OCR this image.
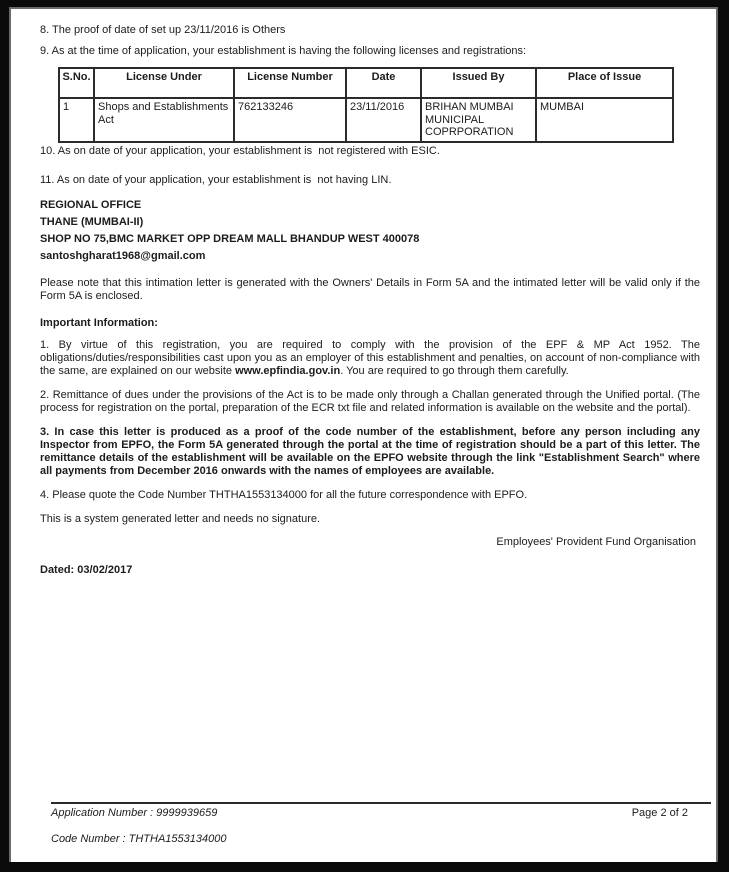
8. The proof of date of set up 23/11/2016 is Others

9. As at the time of application, your establishment is having the following licenses and registrations:

S.No.	License Under	License Number	Date	Issued By	Place of Issue
1	Shops and Establishments Act	762133246	23/11/2016	BRIHAN MUMBAI MUNICIPAL COPRPORATION	MUMBAI

10. As on date of your application, your establishment is  not registered with ESIC.

11. As on date of your application, your establishment is  not having LIN.

REGIONAL OFFICE

THANE (MUMBAI-II)

SHOP NO 75,BMC MARKET OPP DREAM MALL BHANDUP WEST 400078

santoshgharat1968@gmail.com

Please note that this intimation letter is generated with the Owners' Details in Form 5A and the intimated letter will be valid only if the Form 5A is enclosed.

Important Information:

1. By virtue of this registration, you are required to comply with the provision of the EPF & MP Act 1952. The obligations/duties/responsibilities cast upon you as an employer of this establishment and penalties, on account of non-compliance with the same, are explained on our website www.epfindia.gov.in. You are required to go through them carefully.

2. Remittance of dues under the provisions of the Act is to be made only through a Challan generated through the Unified portal. (The process for registration on the portal, preparation of the ECR txt file and related information is available on the website and the portal).

3. In case this letter is produced as a proof of the code number of the establishment, before any person including any Inspector from EPFO, the Form 5A generated through the portal at the time of registration should be a part of this letter. The remittance details of the establishment will be available on the EPFO website through the link "Establishment Search" where all payments from December 2016 onwards with the names of employees are available.

4. Please quote the Code Number THTHA1553134000 for all the future correspondence with EPFO.

This is a system generated letter and needs no signature.

Employees' Provident Fund Organisation

Dated: 03/02/2017

Application Number : 9999939659	Page 2 of 2
Code Number : THTHA1553134000
